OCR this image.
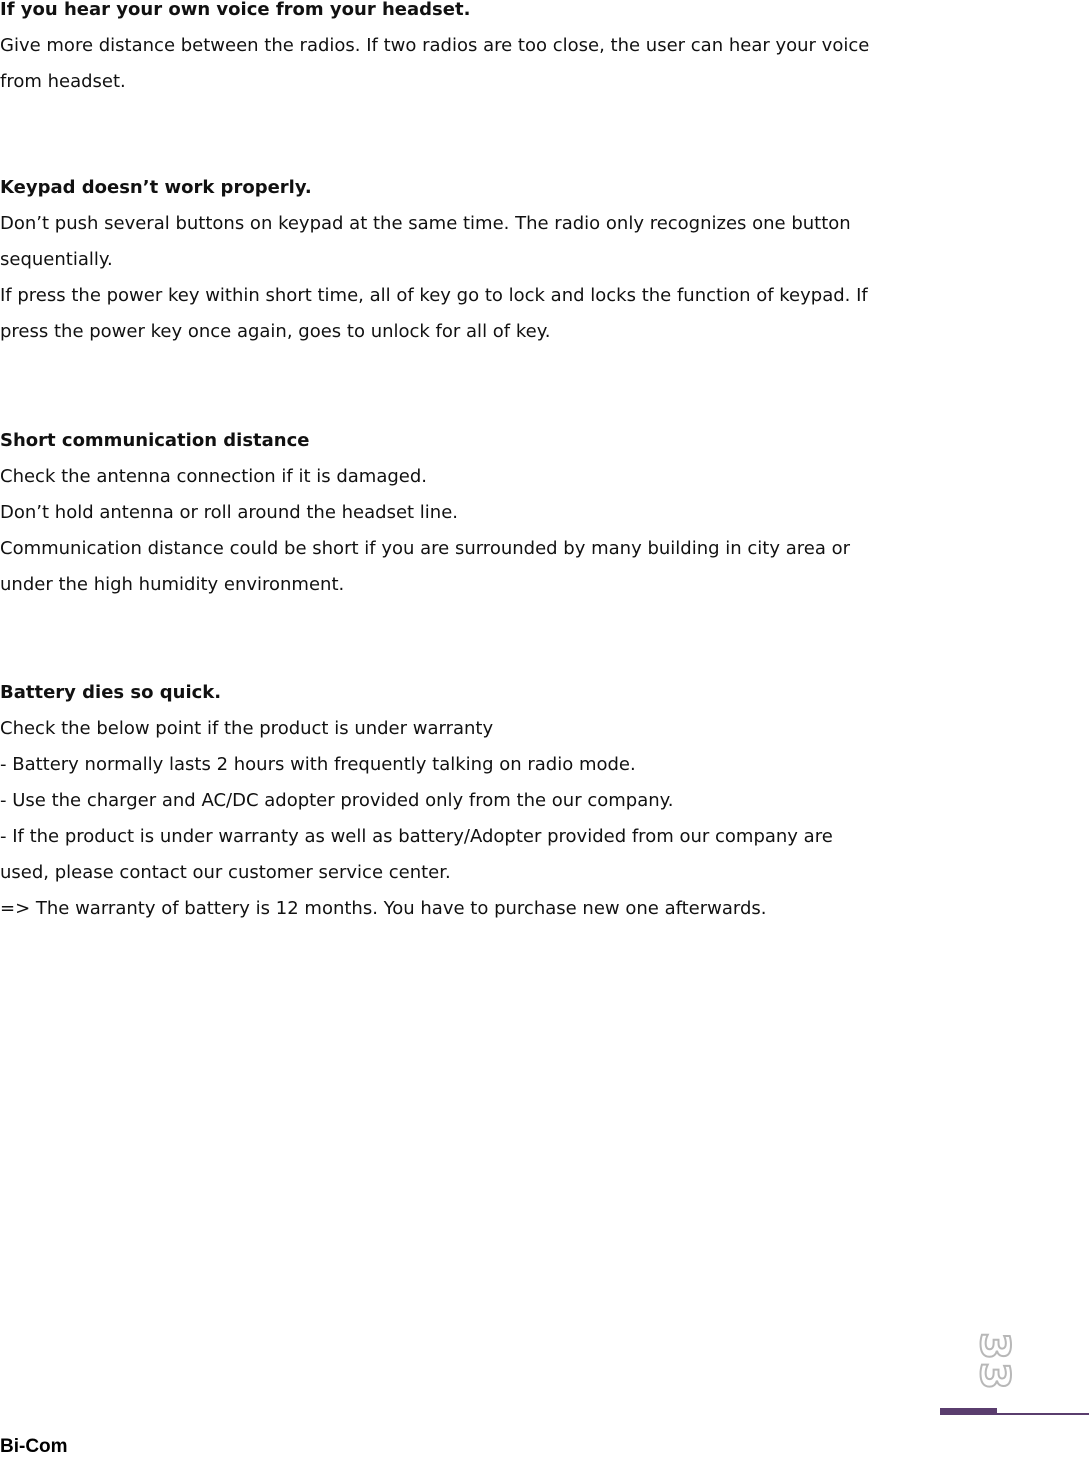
If you hear your own voice from your headset.
Give more distance between the radios. If two radios are too close, the user can hear your voice
from headset.
Keypad doesn’t work properly.
Don’t push several buttons on keypad at the same time. The radio only recognizes one button
sequentially.
If press the power key within short time, all of key go to lock and locks the function of keypad. If
press the power key once again, goes to unlock for all of key.
Short communication distance
Check the antenna connection if it is damaged.
Don’t hold antenna or roll around the headset line.
Communication distance could be short if you are surrounded by many building in city area or
under the high humidity environment.
Battery dies so quick.
Check the below point if the product is under warranty
- Battery normally lasts 2 hours with frequently talking on radio mode.
- Use the charger and AC/DC adopter provided only from the our company.
- If the product is under warranty as well as battery/Adopter provided from our company are
used, please contact our customer service center.
=> The warranty of battery is 12 months. You have to purchase new one afterwards.
33
Bi-Com
